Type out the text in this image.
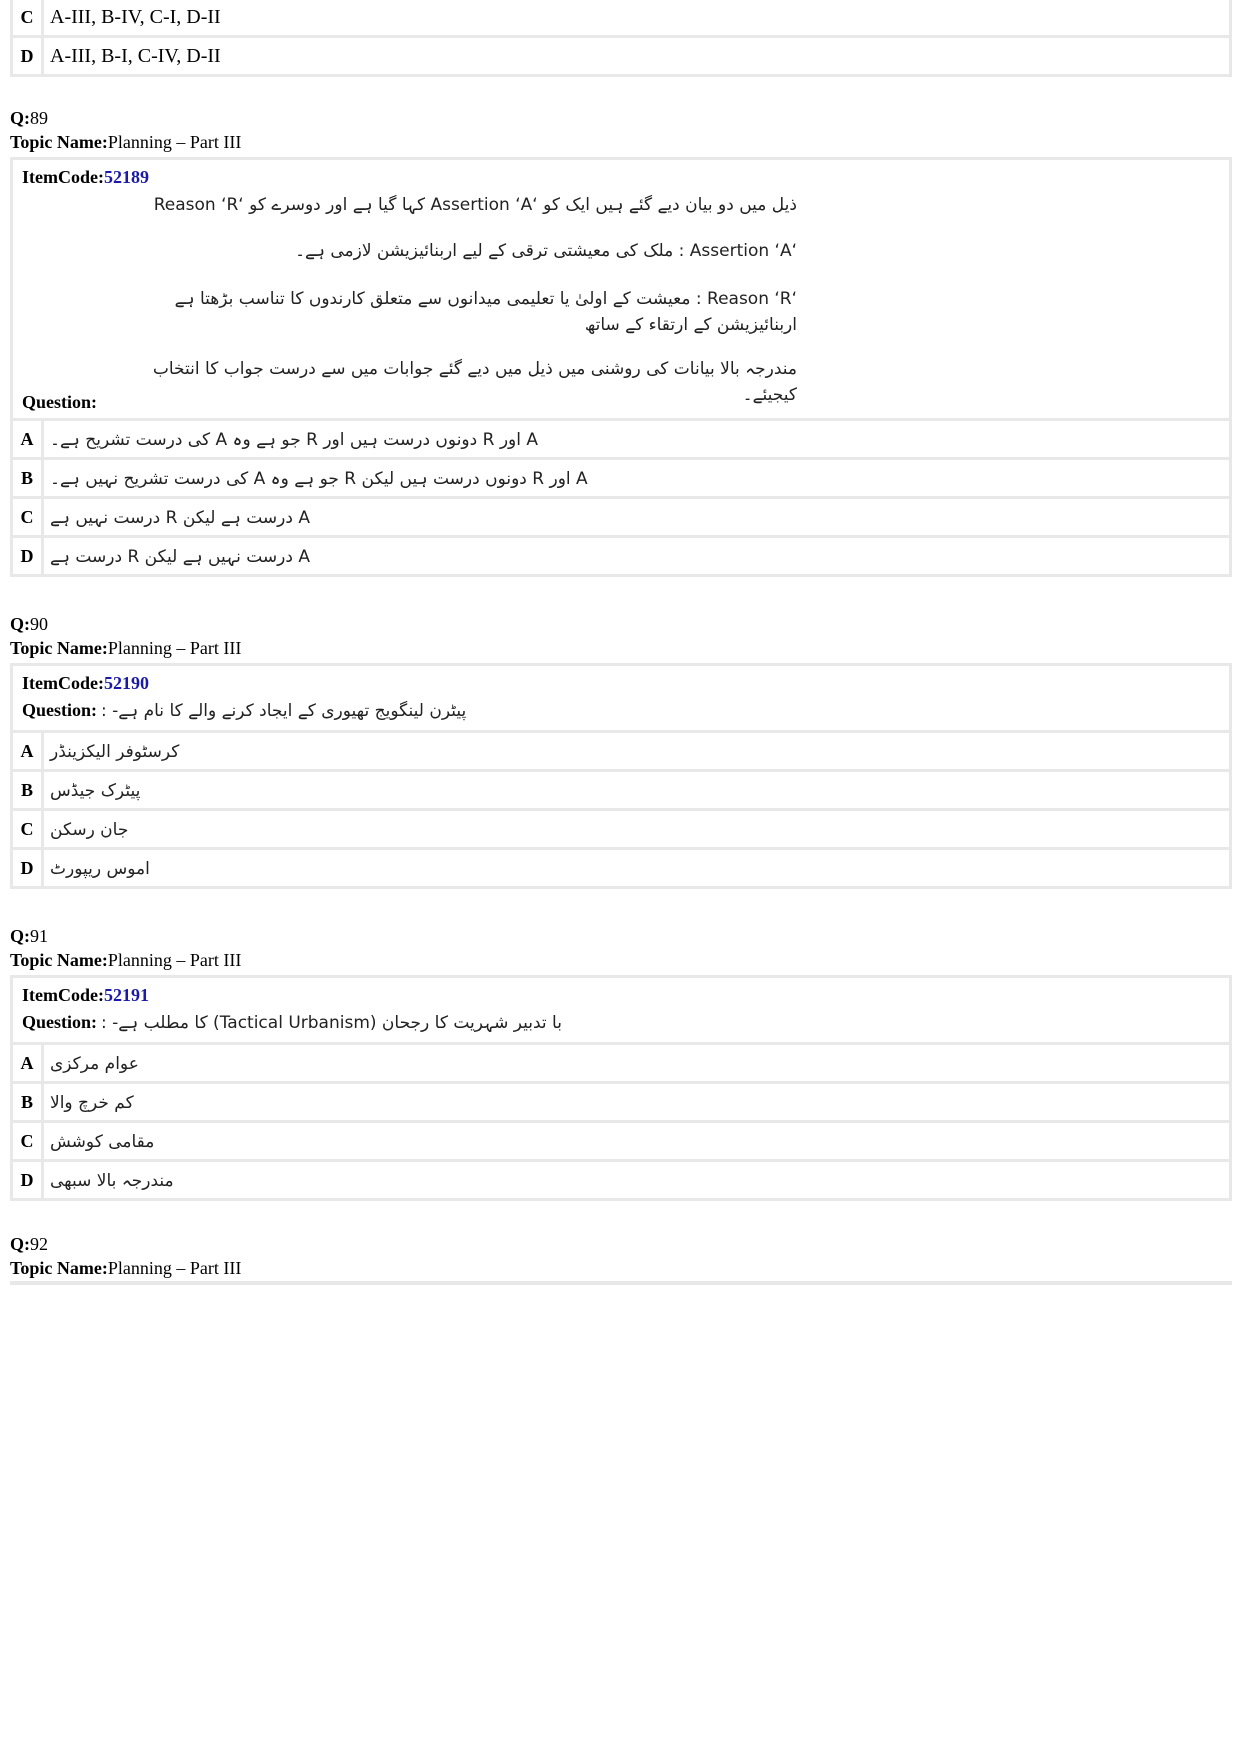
C	A-III, B-IV, C-I, D-II
D	A-III, B-I, C-IV, D-II
Q:89
Topic Name:Planning – Part III
ItemCode:52189
ذیل میں دو بیان دیے گئے ہیں ایک کو ‘Assertion ‘A کہا گیا ہے اور دوسرے کو ‘Reason ‘R
‘Assertion ‘A : ملک کی معیشتی ترقی کے لیے اربنائیزیشن لازمی ہے۔
‘Reason ‘R : معیشت کے اولیٰ یا تعلیمی میدانوں سے متعلق کارندوں کا تناسب بڑھتا ہے اربنائیزیشن کے ارتقاء کے ساتھ
مندرجہ بالا بیانات کی روشنی میں ذیل میں دیے گئے جوابات میں سے درست جواب کا انتخاب کیجیئے۔
Question:
A	A اور R دونوں درست ہیں اور R جو ہے وہ A کی درست تشریح ہے۔
B	A اور R دونوں درست ہیں لیکن R جو ہے وہ A کی درست تشریح نہیں ہے۔
C	A درست ہے لیکن R درست نہیں ہے
D	A درست نہیں ہے لیکن R درست ہے
Q:90
Topic Name:Planning – Part III
ItemCode:52190
Question: پیٹرن لینگویج تھیوری کے ایجاد کرنے والے کا نام ہے- :
A	کرسٹوفر الیکزینڈر
B	پیٹرک جیڈس
C	جان رسکن
D	اموس ریپورٹ
Q:91
Topic Name:Planning – Part III
ItemCode:52191
Question: با تدبیر شہریت کا رجحان (Tactical Urbanism) کا مطلب ہے- :
A	عوام مرکزی
B	کم خرچ والا
C	مقامی کوشش
D	مندرجہ بالا سبھی
Q:92
Topic Name:Planning – Part III
